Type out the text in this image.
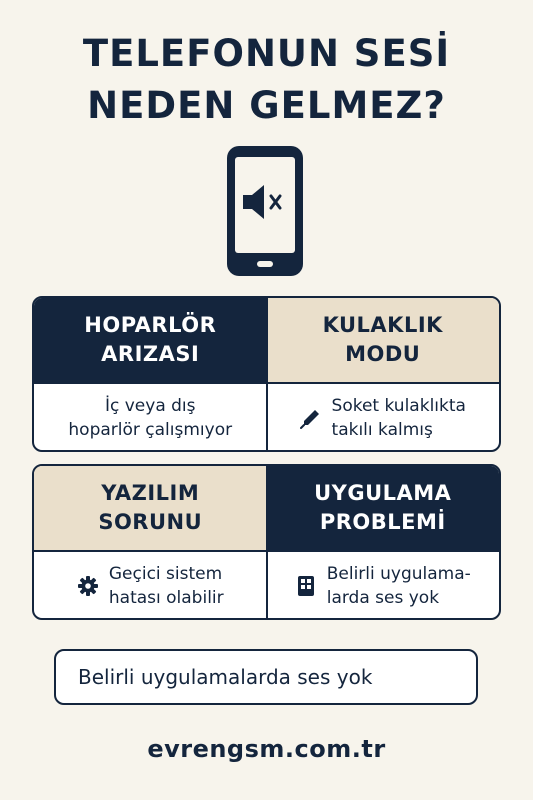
TELEFONUN SESİ
NEDEN GELMEZ?
HOPARLÖR
ARIZASI
KULAKLIK
MODU
İç veya dış
hoparlör çalışmıyor
Soket kulaklıkta
takılı kalmış
YAZILIM
SORUNU
UYGULAMA
PROBLEMİ
Geçici sistem
hatası olabilir
Belirli uygulama-
larda ses yok
Belirli uygulamalarda ses yok
evrengsm.com.tr
